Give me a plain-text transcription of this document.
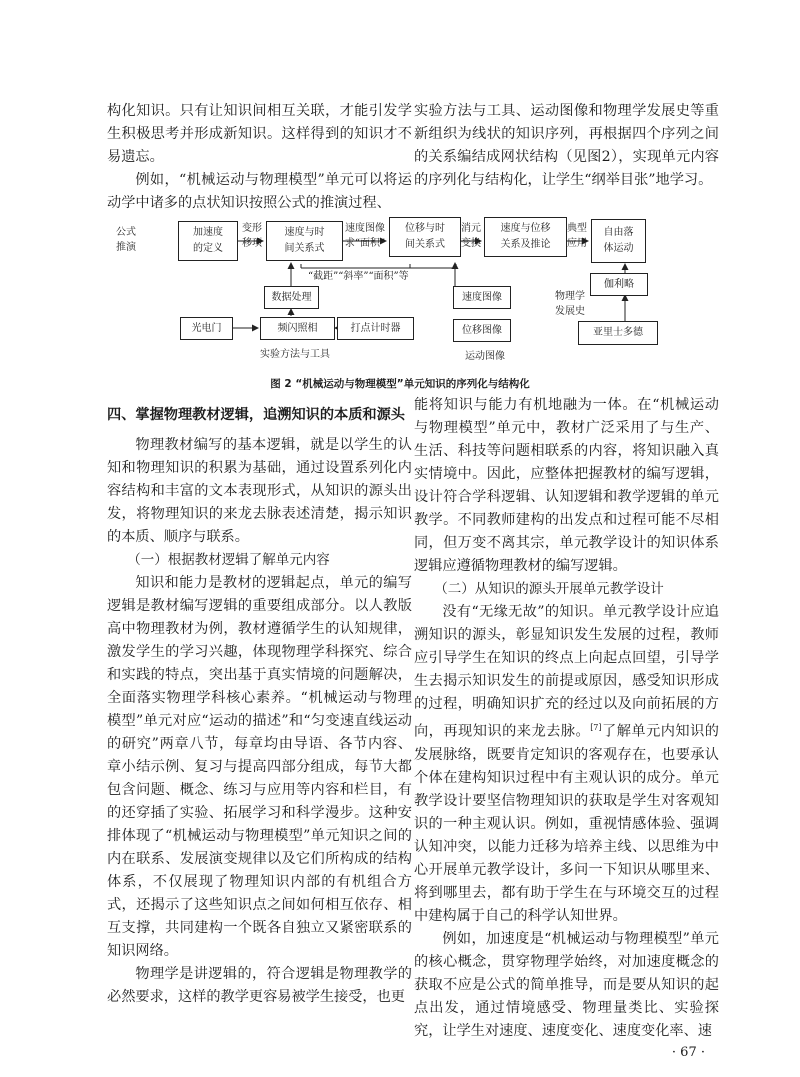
构化知识。只有让知识间相互关联，才能引发学生积极思考并形成新知识。这样得到的知识才不易遗忘。

例如，“机械运动与物理模型”单元可以将运动学中诸多的点状知识按照公式的推演过程、

实验方法与工具、运动图像和物理学发展史等重新组织为线状的知识序列，再根据四个序列之间的关系编结成网状结构（见图2），实现单元内容的序列化与结构化，让学生“纲举目张”地学习。

公式
推演
加速度
的定义
变形
移项
速度与时
间关系式
速度图像
求“面积”
位移与时
间关系式
消元
变换
速度与位移
关系及推论
典型
应用
自由落
体运动
“截距”“斜率”“面积”等
数据处理
光电门	频闪照相	打点计时器
实验方法与工具
速度图像
位移图像
运动图像
物理学
发展史
伽利略
亚里士多德
图 2 “机械运动与物理模型”单元知识的序列化与结构化
四、掌握物理教材逻辑，追溯知识的本质和源头

物理教材编写的基本逻辑，就是以学生的认知和物理知识的积累为基础，通过设置系列化内容结构和丰富的文本表现形式，从知识的源头出发，将物理知识的来龙去脉表述清楚，揭示知识的本质、顺序与联系。

（一）根据教材逻辑了解单元内容

知识和能力是教材的逻辑起点，单元的编写逻辑是教材编写逻辑的重要组成部分。以人教版高中物理教材为例，教材遵循学生的认知规律，激发学生的学习兴趣，体现物理学科探究、综合和实践的特点，突出基于真实情境的问题解决，全面落实物理学科核心素养。“机械运动与物理模型”单元对应“运动的描述”和“匀变速直线运动的研究”两章八节，每章均由导语、各节内容、章小结示例、复习与提高四部分组成，每节大都包含问题、概念、练习与应用等内容和栏目，有的还穿插了实验、拓展学习和科学漫步。这种安排体现了“机械运动与物理模型”单元知识之间的内在联系、发展演变规律以及它们所构成的结构体系，不仅展现了物理知识内部的有机组合方式，还揭示了这些知识点之间如何相互依存、相互支撑，共同建构一个既各自独立又紧密联系的知识网络。

物理学是讲逻辑的，符合逻辑是物理教学的必然要求，这样的教学更容易被学生接受，也更

能将知识与能力有机地融为一体。在“机械运动与物理模型”单元中，教材广泛采用了与生产、生活、科技等问题相联系的内容，将知识融入真实情境中。因此，应整体把握教材的编写逻辑，设计符合学科逻辑、认知逻辑和教学逻辑的单元教学。不同教师建构的出发点和过程可能不尽相同，但万变不离其宗，单元教学设计的知识体系逻辑应遵循物理教材的编写逻辑。

（二）从知识的源头开展单元教学设计

没有“无缘无故”的知识。单元教学设计应追溯知识的源头，彰显知识发生发展的过程，教师应引导学生在知识的终点上向起点回望，引导学生去揭示知识发生的前提或原因，感受知识形成的过程，明确知识扩充的经过以及向前拓展的方向，再现知识的来龙去脉。[7]了解单元内知识的发展脉络，既要肯定知识的客观存在，也要承认个体在建构知识过程中有主观认识的成分。单元教学设计要坚信物理知识的获取是学生对客观知识的一种主观认识。例如，重视情感体验、强调认知冲突，以能力迁移为培养主线、以思维为中心开展单元教学设计，多问一下知识从哪里来、将到哪里去，都有助于学生在与环境交互的过程中建构属于自己的科学认知世界。

例如，加速度是“机械运动与物理模型”单元的核心概念，贯穿物理学始终，对加速度概念的获取不应是公式的简单推导，而是要从知识的起点出发，通过情境感受、物理量类比、实验探究，让学生对速度、速度变化、速度变化率、速

· 67 ·
